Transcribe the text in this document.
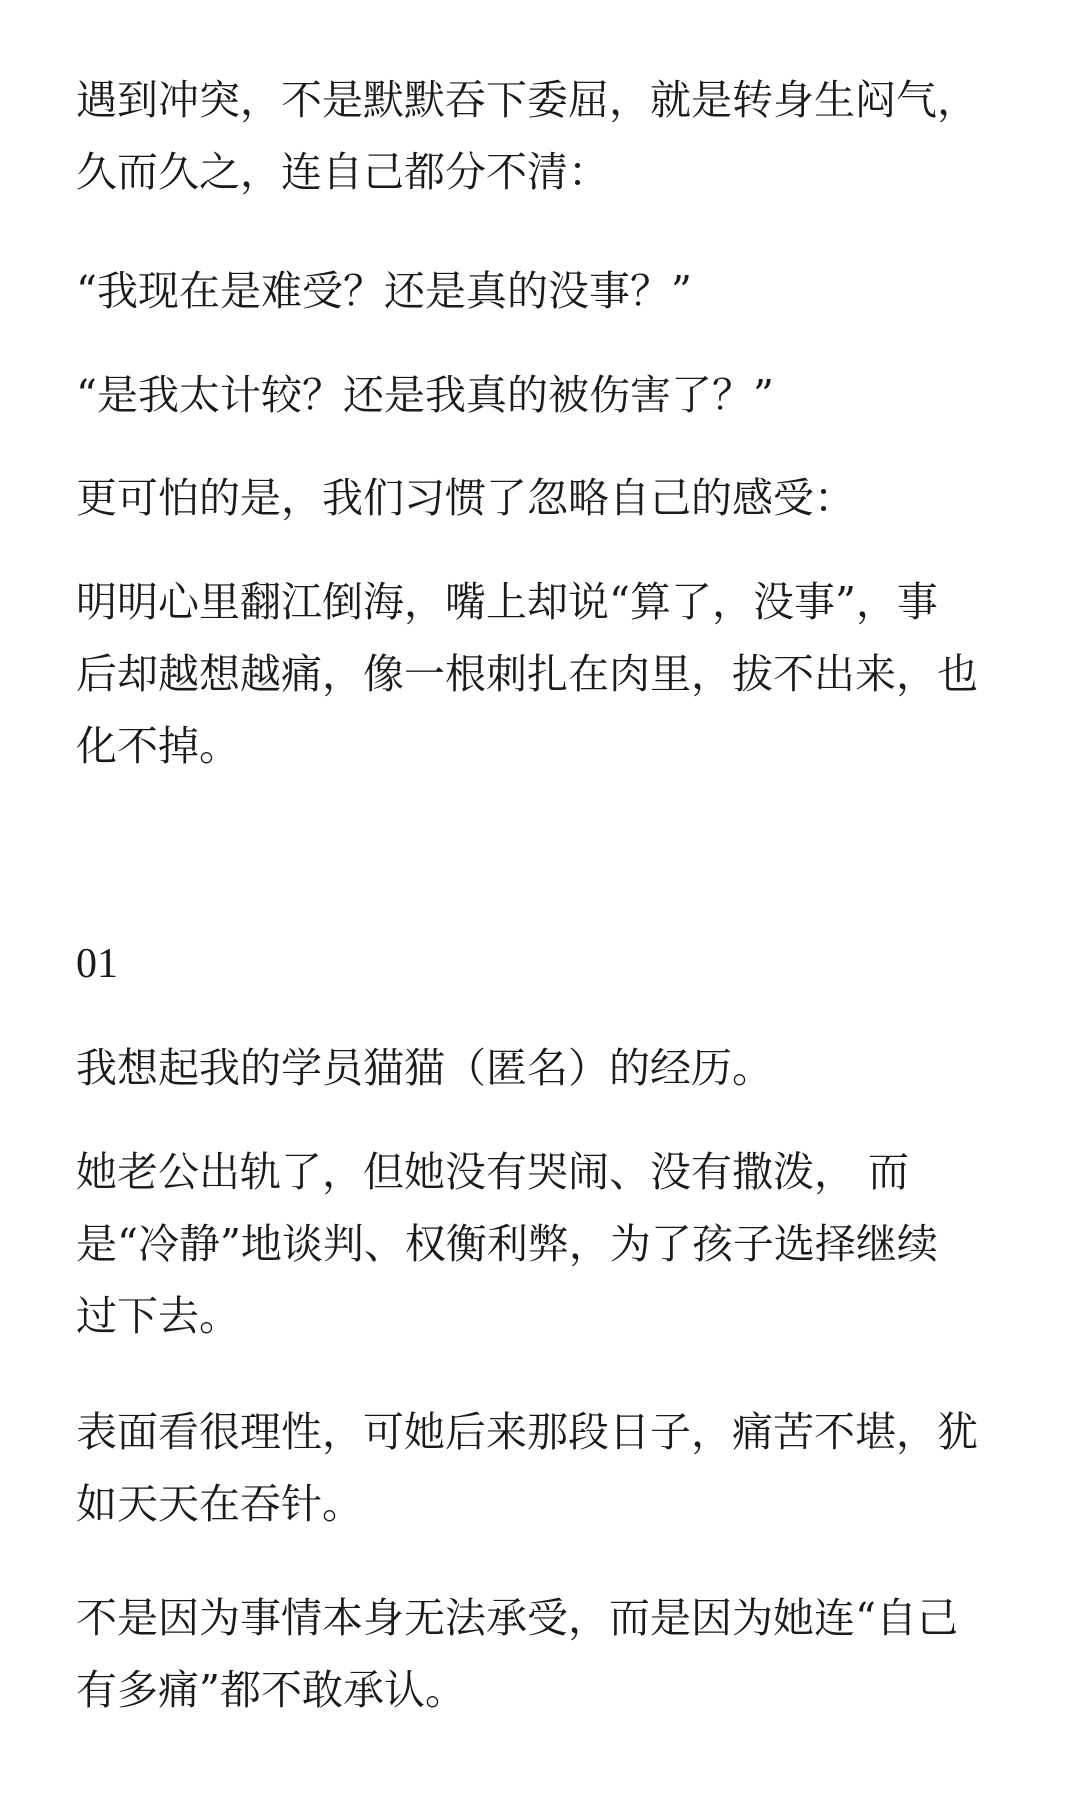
遇到冲突，不是默默吞下委屈，就是转身生闷气，
久而久之，连自己都分不清：
“我现在是难受？还是真的没事？”
“是我太计较？还是我真的被伤害了？”
更可怕的是，我们习惯了忽略自己的感受：
明明心里翻江倒海，嘴上却说“算了，没事”，事
后却越想越痛，像一根刺扎在肉里，拔不出来，也
化不掉。
01
我想起我的学员猫猫（匿名）的经历。
她老公出轨了，但她没有哭闹、没有撒泼， 而
是“冷静”地谈判、权衡利弊，为了孩子选择继续
过下去。
表面看很理性，可她后来那段日子，痛苦不堪，犹
如天天在吞针。
不是因为事情本身无法承受，而是因为她连“自己
有多痛”都不敢承认。
